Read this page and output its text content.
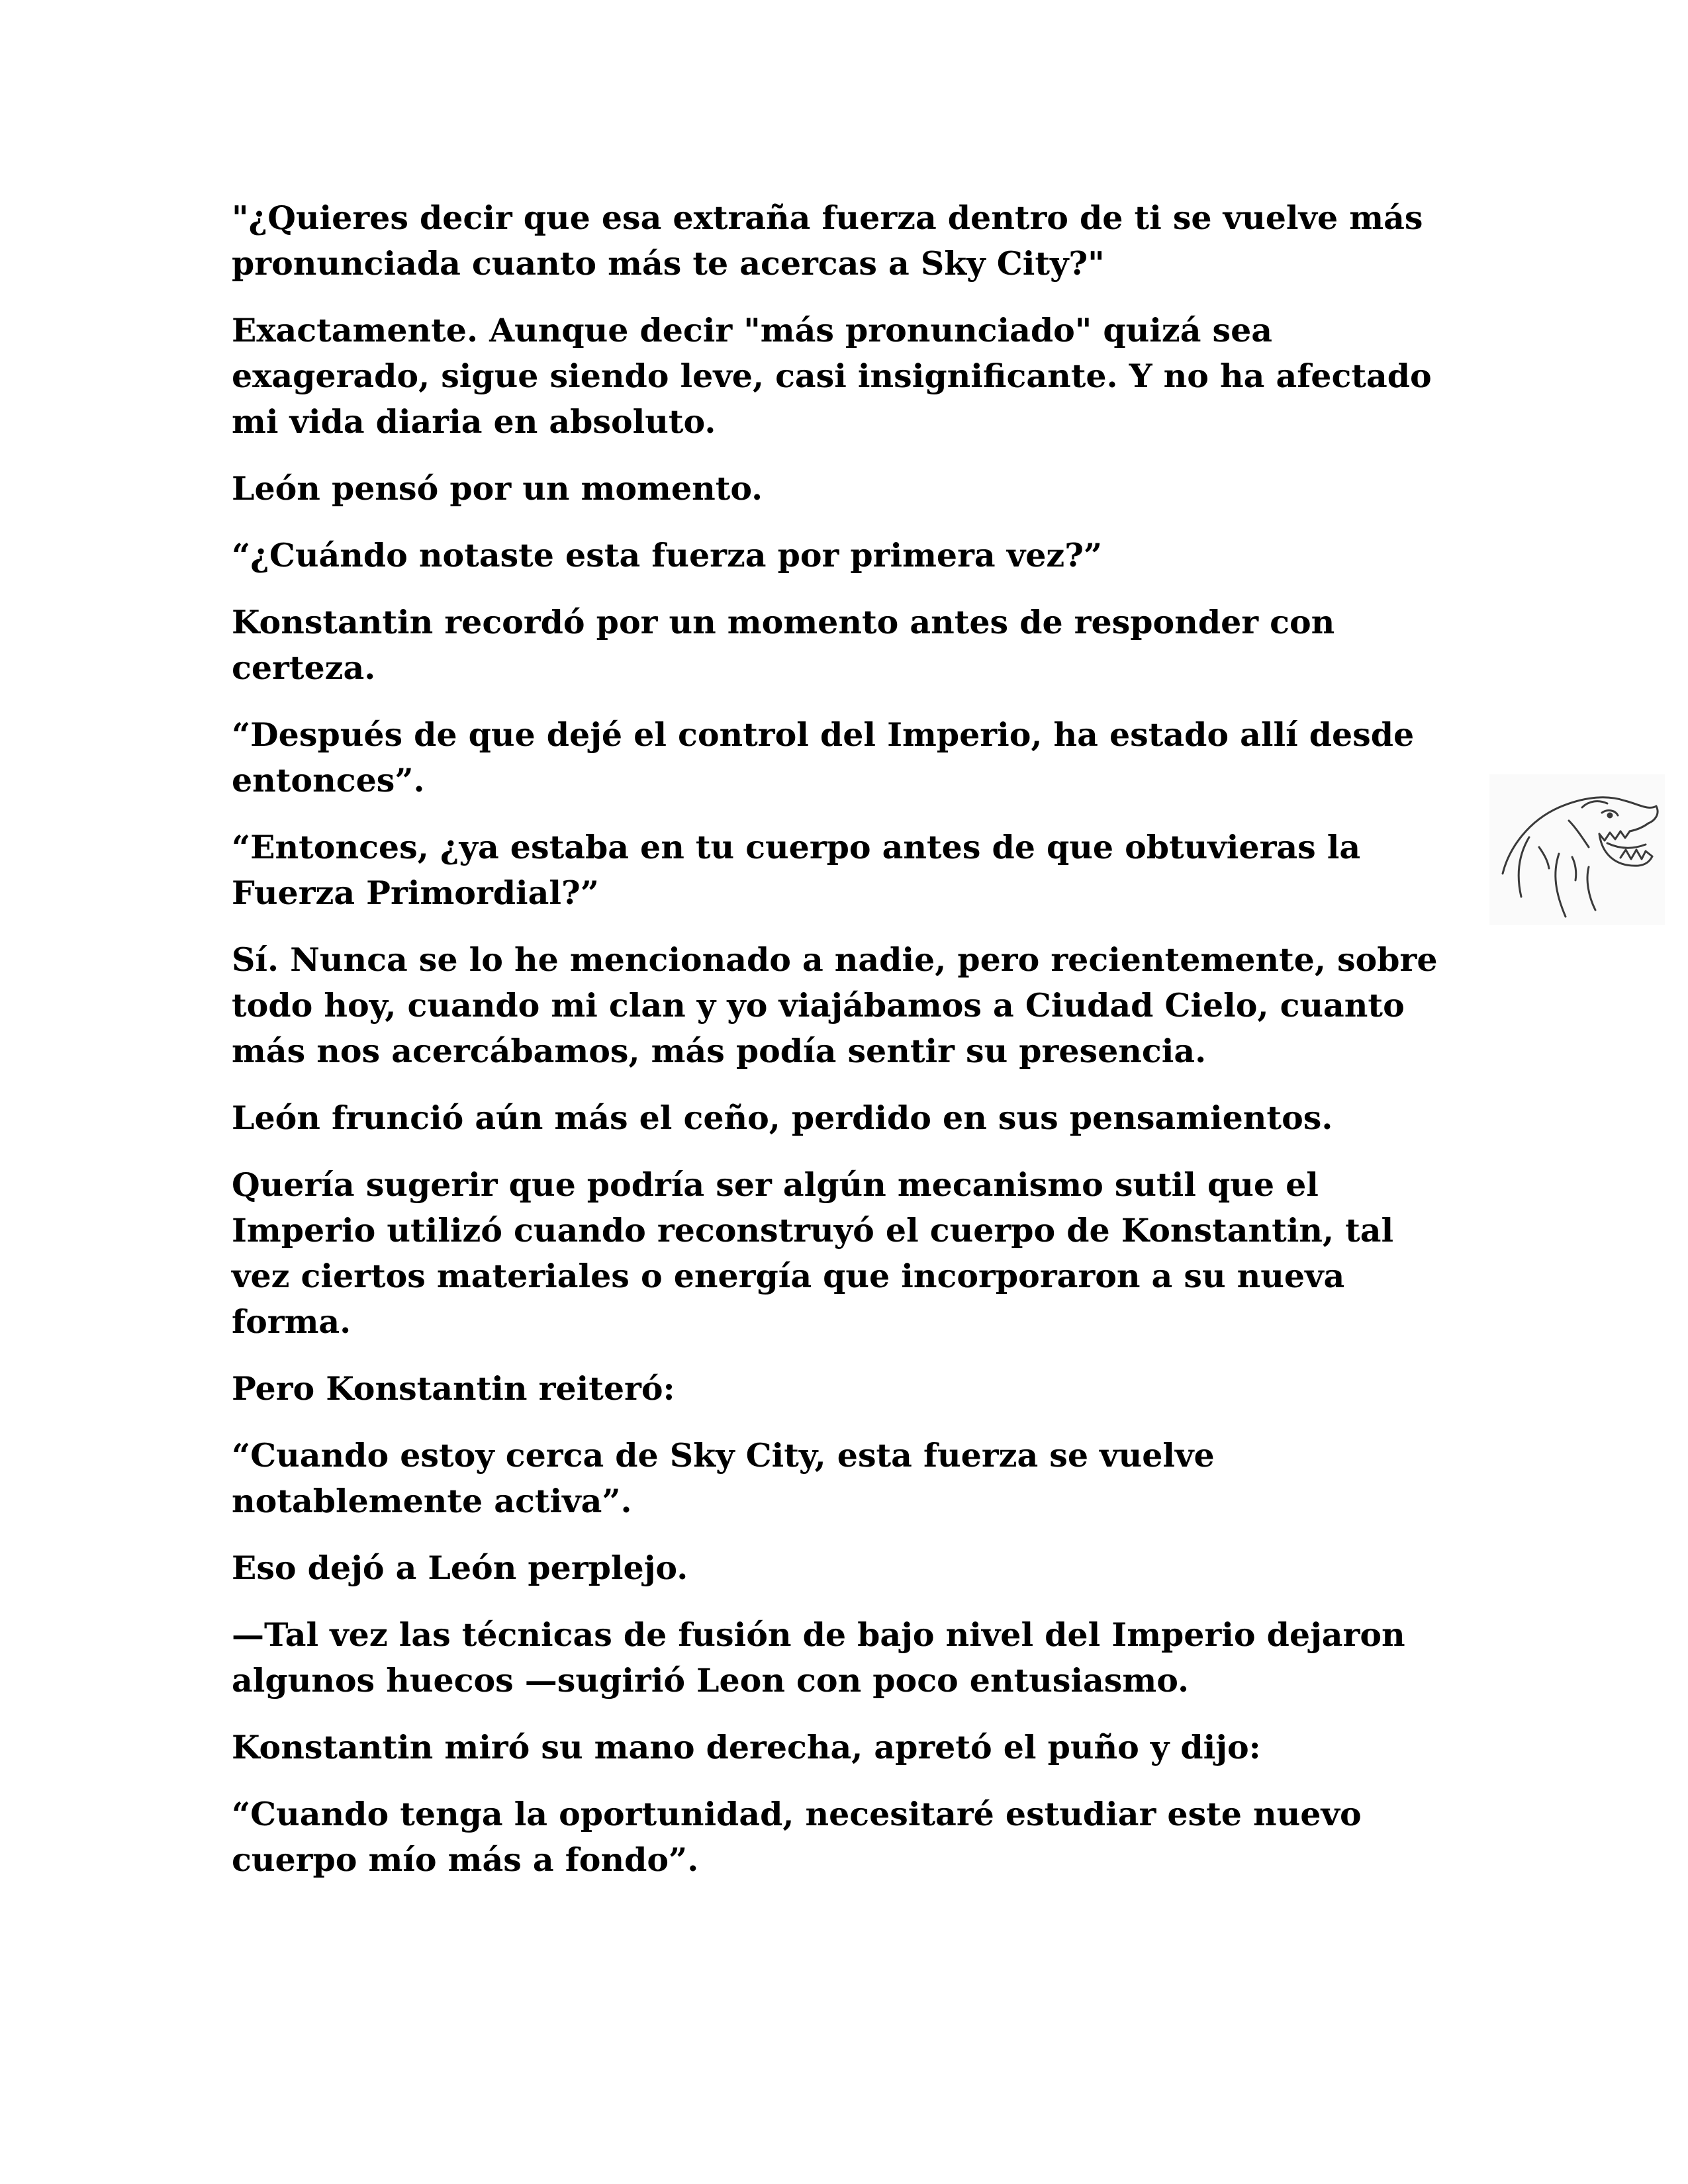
"¿Quieres decir que esa extraña fuerza dentro de ti se vuelve más pronunciada cuanto más te acercas a Sky City?"

Exactamente. Aunque decir "más pronunciado" quizá sea exagerado, sigue siendo leve, casi insignificante. Y no ha afectado mi vida diaria en absoluto.

León pensó por un momento.

“¿Cuándo notaste esta fuerza por primera vez?”

Konstantin recordó por un momento antes de responder con certeza.

“Después de que dejé el control del Imperio, ha estado allí desde entonces”.

“Entonces, ¿ya estaba en tu cuerpo antes de que obtuvieras la Fuerza Primordial?”

Sí. Nunca se lo he mencionado a nadie, pero recientemente, sobre todo hoy, cuando mi clan y yo viajábamos a Ciudad Cielo, cuanto más nos acercábamos, más podía sentir su presencia.

León frunció aún más el ceño, perdido en sus pensamientos.

Quería sugerir que podría ser algún mecanismo sutil que el Imperio utilizó cuando reconstruyó el cuerpo de Konstantin, tal vez ciertos materiales o energía que incorporaron a su nueva forma.

Pero Konstantin reiteró:

“Cuando estoy cerca de Sky City, esta fuerza se vuelve notablemente activa”.

Eso dejó a León perplejo.

—Tal vez las técnicas de fusión de bajo nivel del Imperio dejaron algunos huecos —sugirió Leon con poco entusiasmo.

Konstantin miró su mano derecha, apretó el puño y dijo:

“Cuando tenga la oportunidad, necesitaré estudiar este nuevo cuerpo mío más a fondo”.
